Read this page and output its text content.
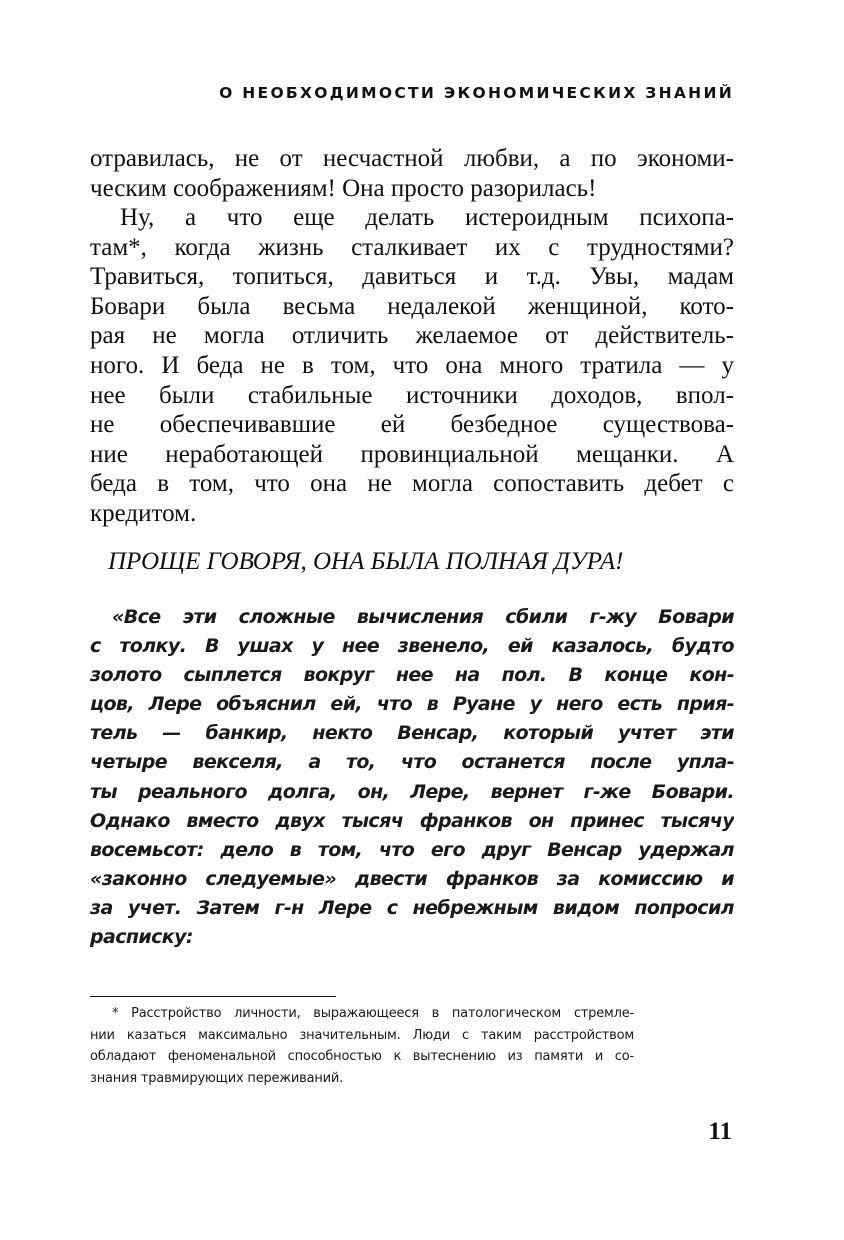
О НЕОБХОДИМОСТИ ЭКОНОМИЧЕСКИХ ЗНАНИЙ
отравилась, не от несчастной любви, а по экономи-
ческим соображениям! Она просто разорилась!
Ну, а что еще делать истероидным психопа-
там*, когда жизнь сталкивает их с трудностями?
Травиться, топиться, давиться и т.д. Увы, мадам
Бовари была весьма недалекой женщиной, кото-
рая не могла отличить желаемое от действитель-
ного. И беда не в том, что она много тратила — у
нее были стабильные источники доходов, впол-
не обеспечивавшие ей безбедное существова-
ние неработающей провинциальной мещанки. А
беда в том, что она не могла сопоставить дебет с
кредитом.
ПРОЩЕ ГОВОРЯ, ОНА БЫЛА ПОЛНАЯ ДУРА!
«Все эти сложные вычисления сбили г-жу Бовари
с толку. В ушах у нее звенело, ей казалось, будто
золото сыплется вокруг нее на пол. В конце кон-
цов, Лере объяснил ей, что в Руане у него есть прия-
тель — банкир, некто Венсар, который учтет эти
четыре векселя, а то, что останется после упла-
ты реального долга, он, Лере, вернет г-же Бовари.
Однако вместо двух тысяч франков он принес тысячу
восемьсот: дело в том, что его друг Венсар удержал
«законно следуемые» двести франков за комиссию и
за учет. Затем г-н Лере с небрежным видом попросил
расписку:
* Расстройство личности, выражающееся в патологическом стремле-
нии казаться максимально значительным. Люди с таким расстройством
обладают феноменальной способностью к вытеснению из памяти и со-
знания травмирующих переживаний.
11
